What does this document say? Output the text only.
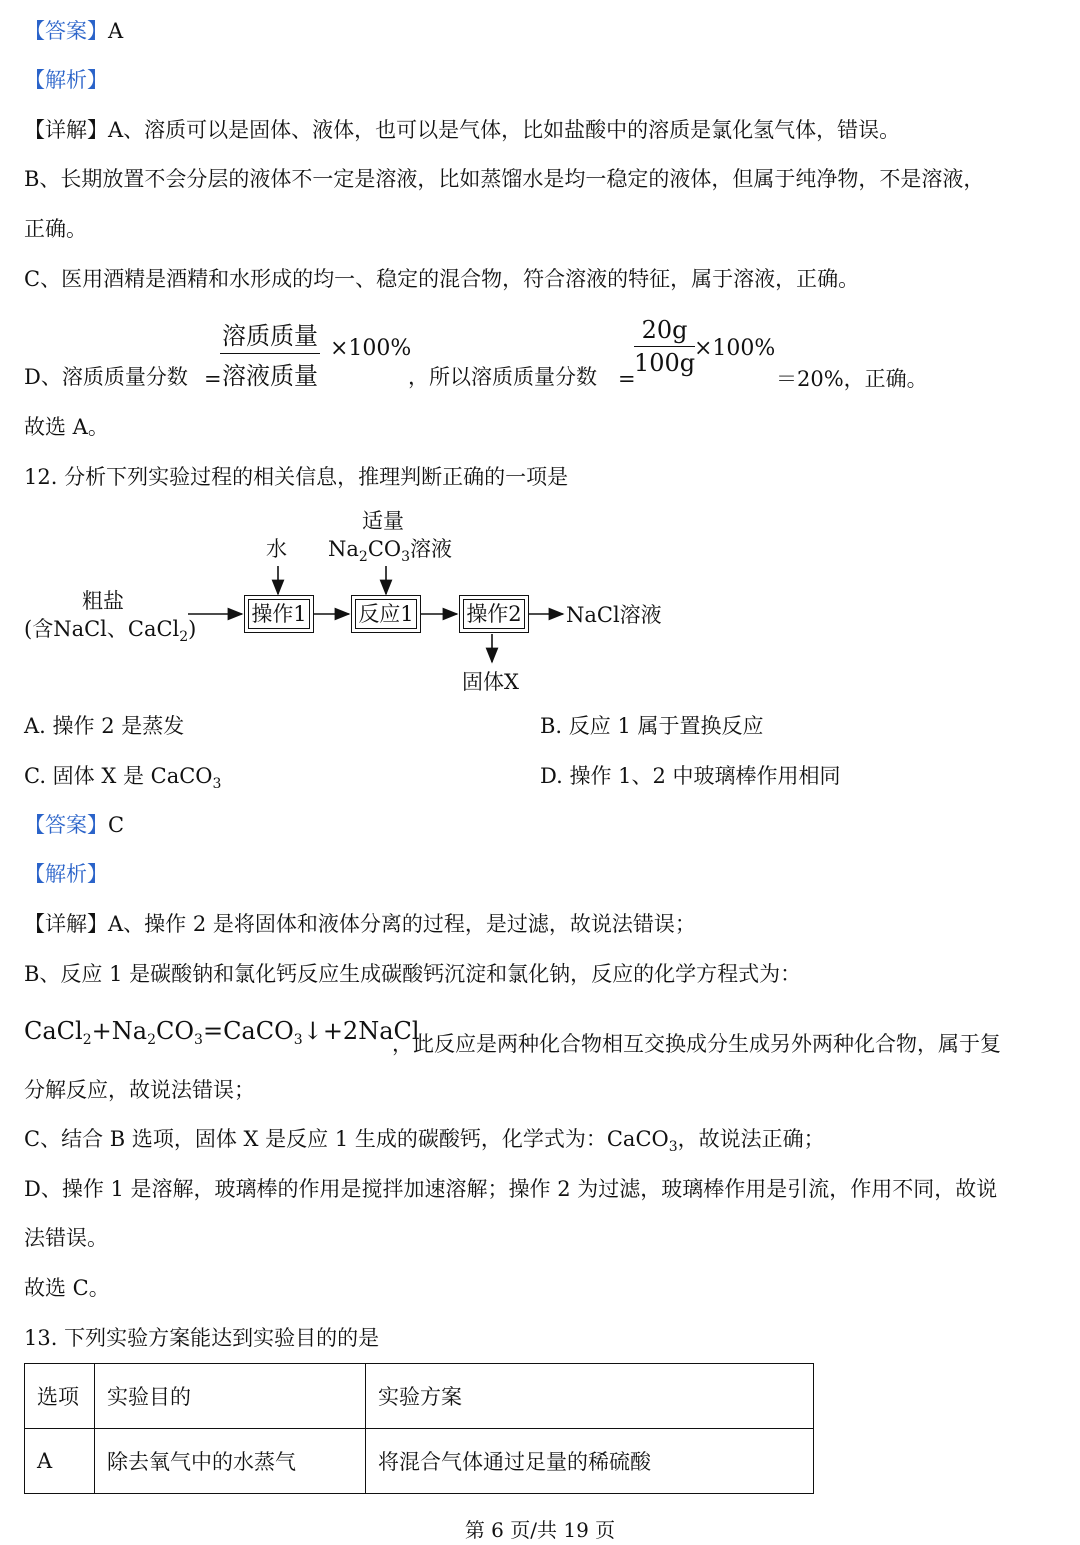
【答案】A
【解析】
【详解】A、溶质可以是固体、液体，也可以是气体，比如盐酸中的溶质是氯化氢气体，错误。
B、长期放置不会分层的液体不一定是溶液，比如蒸馏水是均一稳定的液体，但属于纯净物，不是溶液，
正确。
C、医用酒精是酒精和水形成的均一、稳定的混合物，符合溶液的特征，属于溶液，正确。
D、溶质质量分数 =
溶质质量
溶液质量
×100%
，所以溶质质量分数 =
20g
100g
×100%
＝20%，正确。
故选 A。
12. 分析下列实验过程的相关信息，推理判断正确的一项是
适量
$Na_2CO_3$溶液
水
粗盐
(含NaCl、CaCl$_2$)
操作1 反应1	操作2 NaCl溶液
固体X
A. 操作 2 是蒸发	B. 反应 1 属于置换反应
C. 固体 X 是 CaCO$_3$	D. 操作 1、2 中玻璃棒作用相同
【答案】C
【解析】
【详解】A、操作 2 是将固体和液体分离的过程，是过滤，故说法错误；
B、反应 1 是碳酸钠和氯化钙反应生成碳酸钙沉淀和氯化钠，反应的化学方程式为：
$CaCl_2+Na_2CO_3=CaCO_3↓+2NaCl$
，此反应是两种化合物相互交换成分生成另外两种化合物，属于复
分解反应，故说法错误；
C、结合 B 选项，固体 X 是反应 1 生成的碳酸钙，化学式为：CaCO$_3$，故说法正确；
D、操作 1 是溶解，玻璃棒的作用是搅拌加速溶解；操作 2 为过滤，玻璃棒作用是引流，作用不同，故说
法错误。
故选 C。
13. 下列实验方案能达到实验目的的是
选项	实验目的	实验方案
A	除去氧气中的水蒸气	将混合气体通过足量的稀硫酸
第 6 页/共 19 页
